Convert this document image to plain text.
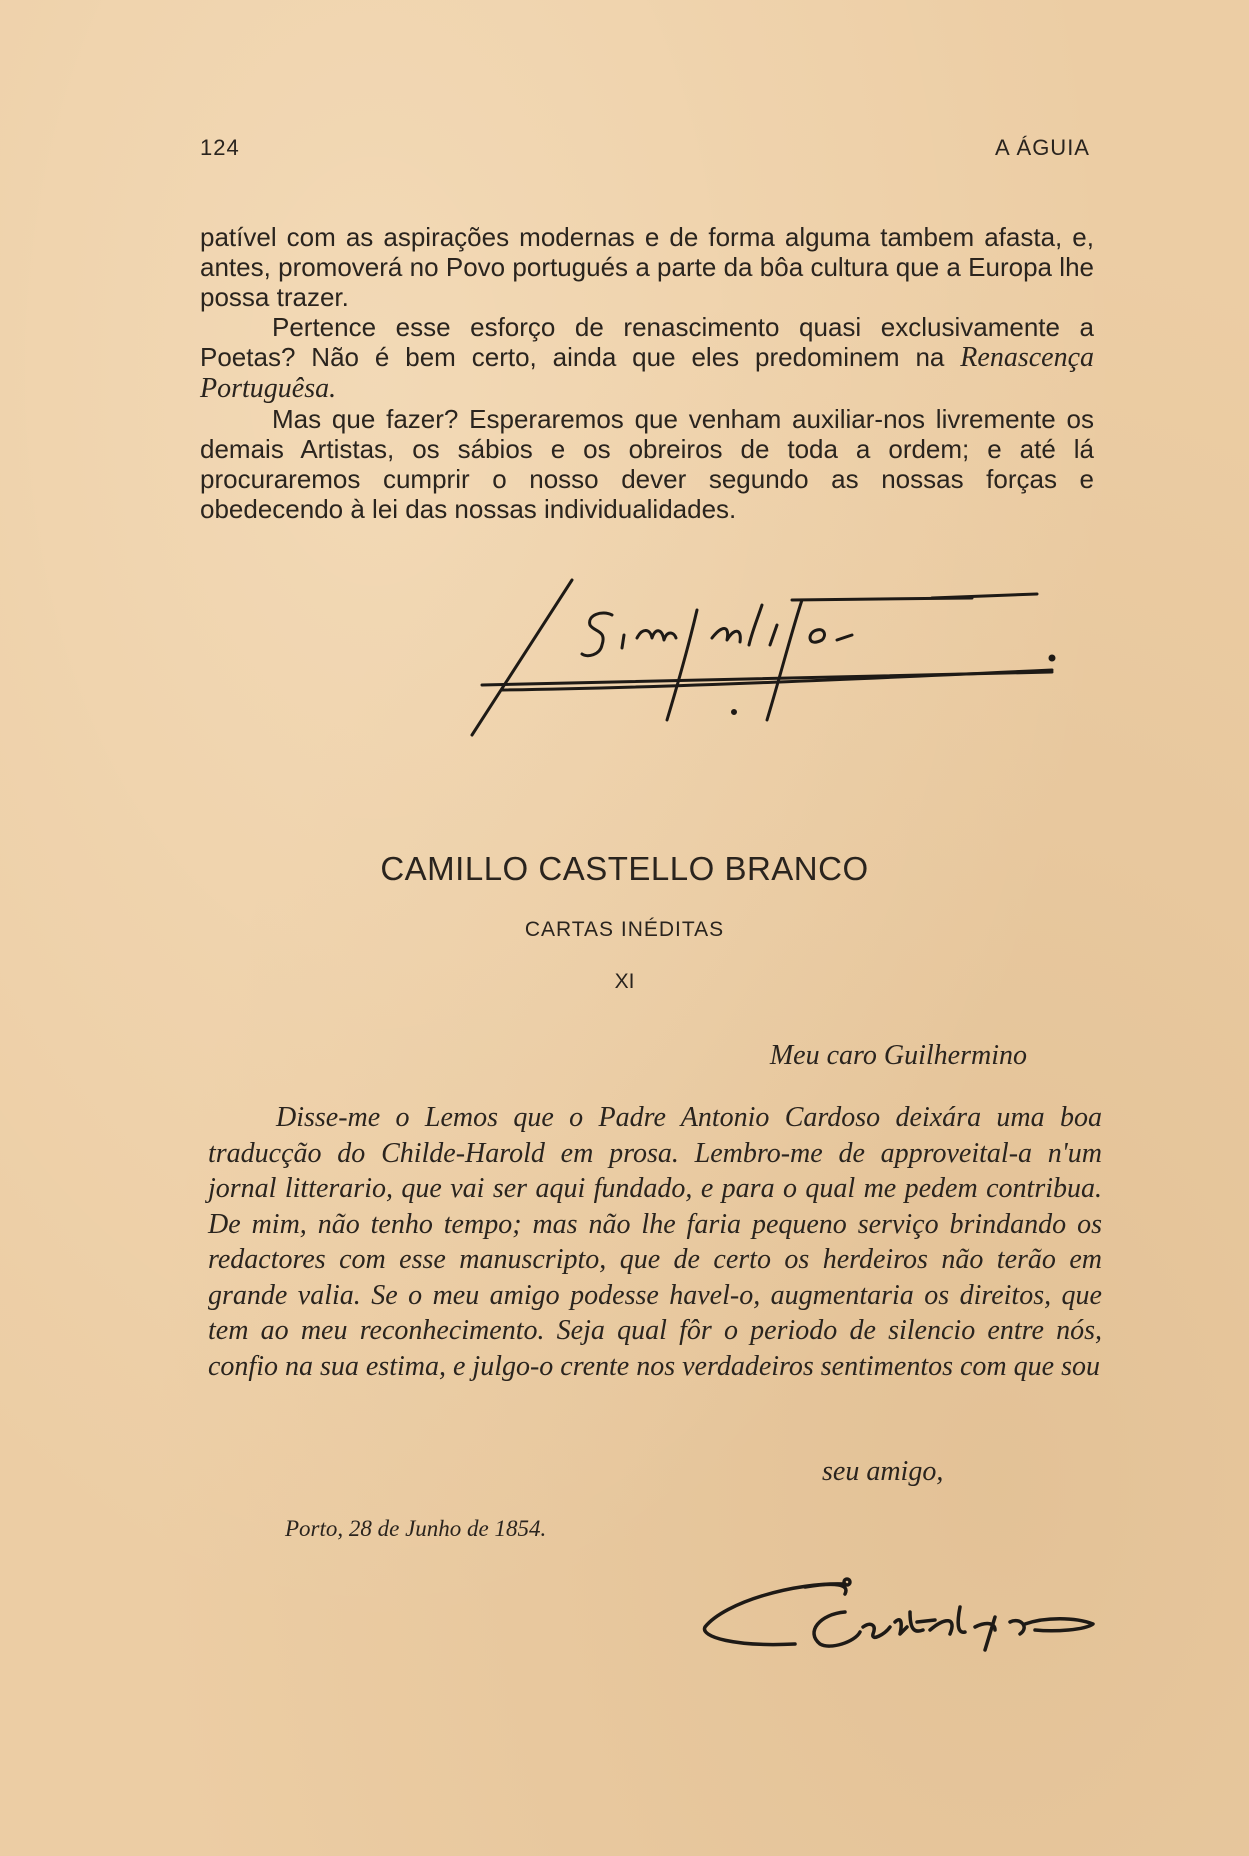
124	A ÁGUIA

patível com as aspirações modernas e de forma alguma tambem afasta, e, antes, promoverá no Povo portugués a parte da bôa cultura que a Europa lhe possa trazer.

Pertence esse esforço de renascimento quasi exclusivamente a Poetas? Não é bem certo, ainda que eles predominem na Renascença Portuguêsa.

Mas que fazer? Esperaremos que venham auxiliar-nos livremente os demais Artistas, os sábios e os obreiros de toda a ordem; e até lá procuraremos cumprir o nosso dever segundo as nossas forças e obedecendo à lei das nossas individualidades.

CAMILLO CASTELLO BRANCO
CARTAS INÉDITAS
XI
Meu caro Guilhermino

Disse-me o Lemos que o Padre Antonio Cardoso deixára uma boa traducção do Childe-Harold em prosa. Lembro-me de approveital-a n'um jornal litterario, que vai ser aqui fundado, e para o qual me pedem contribua. De mim, não tenho tempo; mas não lhe faria pequeno serviço brindando os redactores com esse manuscripto, que de certo os herdeiros não terão em grande valia. Se o meu amigo podesse havel-o, augmentaria os direitos, que tem ao meu reconhecimento. Seja qual fôr o periodo de silencio entre nós, confio na sua estima, e julgo-o crente nos verdadeiros sentimentos com que sou

seu amigo,
Porto, 28 de Junho de 1854.
